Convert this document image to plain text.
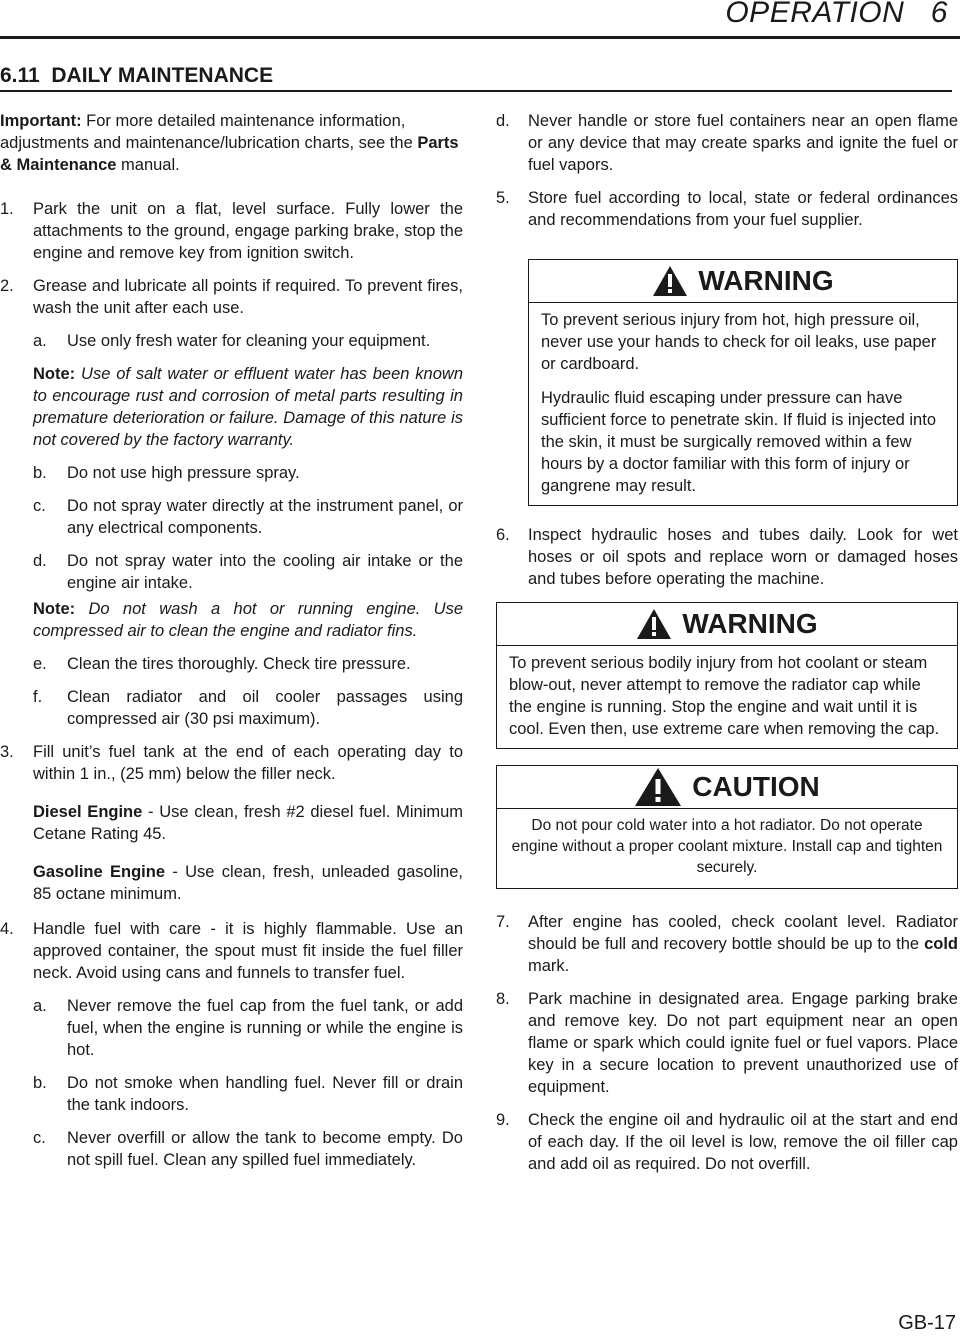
OPERATION   6
6.11  DAILY MAINTENANCE

Important: For more detailed maintenance information, adjustments and maintenance/lubrication charts, see the Parts & Maintenance manual.

1. Park the unit on a flat, level surface. Fully lower the attachments to the ground, engage parking brake, stop the engine and remove key from ignition switch.
2. Grease and lubricate all points if required. To prevent fires, wash the unit after each use.
a. Use only fresh water for cleaning your equipment.
Note: Use of salt water or effluent water has been known to encourage rust and corrosion of metal parts resulting in premature deterioration or failure. Damage of this nature is not covered by the factory warranty.
b. Do not use high pressure spray.
c. Do not spray water directly at the instrument panel, or any electrical components.
d. Do not spray water into the cooling air intake or the engine air intake.
Note: Do not wash a hot or running engine. Use compressed air to clean the engine and radiator fins.
e. Clean the tires thoroughly. Check tire pressure.
f. Clean radiator and oil cooler passages using compressed air (30 psi maximum).
3. Fill unit’s fuel tank at the end of each operating day to within 1 in., (25 mm) below the filler neck.
Diesel Engine - Use clean, fresh #2 diesel fuel. Minimum Cetane Rating 45.
Gasoline Engine - Use clean, fresh, unleaded gasoline, 85 octane minimum.
4. Handle fuel with care - it is highly flammable. Use an approved container, the spout must fit inside the fuel filler neck. Avoid using cans and funnels to transfer fuel.
a. Never remove the fuel cap from the fuel tank, or add fuel, when the engine is running or while the engine is hot.
b. Do not smoke when handling fuel. Never fill or drain the tank indoors.
c. Never overfill or allow the tank to become empty. Do not spill fuel. Clean any spilled fuel immediately.
d. Never handle or store fuel containers near an open flame or any device that may create sparks and ignite the fuel or fuel vapors.
5. Store fuel according to local, state or federal ordinances and recommendations from your fuel supplier.
WARNING

To prevent serious injury from hot, high pressure oil, never use your hands to check for oil leaks, use paper or cardboard.

Hydraulic fluid escaping under pressure can have sufficient force to penetrate skin. If fluid is injected into the skin, it must be surgically removed within a few hours by a doctor familiar with this form of injury or gangrene may result.

6. Inspect hydraulic hoses and tubes daily. Look for wet hoses or oil spots and replace worn or damaged hoses and tubes before operating the machine.
WARNING

To prevent serious bodily injury from hot coolant or steam blow-out, never attempt to remove the radiator cap while the engine is running. Stop the engine and wait until it is cool. Even then, use extreme care when removing the cap.

CAUTION
Do not pour cold water into a hot radiator. Do not operate engine without a proper coolant mixture. Install cap and tighten securely.
7. After engine has cooled, check coolant level. Radiator should be full and recovery bottle should be up to the cold mark.
8. Park machine in designated area. Engage parking brake and remove key. Do not part equipment near an open flame or spark which could ignite fuel or fuel vapors. Place key in a secure location to prevent unauthorized use of equipment.
9. Check the engine oil and hydraulic oil at the start and end of each day. If the oil level is low, remove the oil filler cap and add oil as required. Do not overfill.
GB-17
